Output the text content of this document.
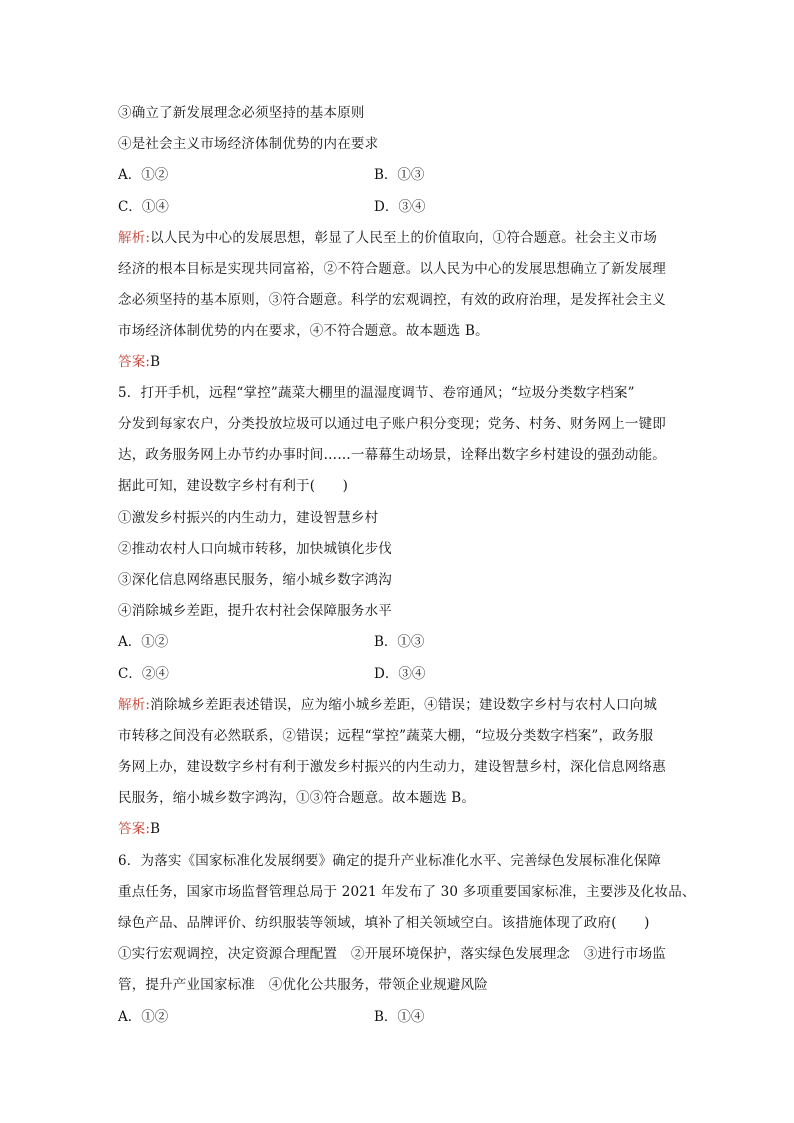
③确立了新发展理念必须坚持的基本原则
④是社会主义市场经济体制优势的内在要求
A．①②	B．①③
C．①④	D．③④
解析:以人民为中心的发展思想，彰显了人民至上的价值取向，①符合题意。社会主义市场
经济的根本目标是实现共同富裕，②不符合题意。以人民为中心的发展思想确立了新发展理
念必须坚持的基本原则，③符合题意。科学的宏观调控，有效的政府治理，是发挥社会主义
市场经济体制优势的内在要求，④不符合题意。故本题选 B。
答案:B
5．打开手机，远程“掌控”蔬菜大棚里的温湿度调节、卷帘通风；“垃圾分类数字档案”
分发到每家农户，分类投放垃圾可以通过电子账户积分变现；党务、村务、财务网上一键即
达，政务服务网上办节约办事时间……一幕幕生动场景，诠释出数字乡村建设的强劲动能。
据此可知，建设数字乡村有利于(　　)
①激发乡村振兴的内生动力，建设智慧乡村
②推动农村人口向城市转移，加快城镇化步伐
③深化信息网络惠民服务，缩小城乡数字鸿沟
④消除城乡差距，提升农村社会保障服务水平
A．①②	B．①③
C．②④	D．③④
解析:消除城乡差距表述错误，应为缩小城乡差距，④错误；建设数字乡村与农村人口向城
市转移之间没有必然联系，②错误；远程“掌控”蔬菜大棚，“垃圾分类数字档案”，政务服
务网上办，建设数字乡村有利于激发乡村振兴的内生动力，建设智慧乡村，深化信息网络惠
民服务，缩小城乡数字鸿沟，①③符合题意。故本题选 B。
答案:B
6．为落实《国家标准化发展纲要》确定的提升产业标准化水平、完善绿色发展标准化保障
重点任务，国家市场监督管理总局于 2021 年发布了 30 多项重要国家标准，主要涉及化妆品、
绿色产品、品牌评价、纺织服装等领域，填补了相关领域空白。该措施体现了政府(　　)
①实行宏观调控，决定资源合理配置　②开展环境保护，落实绿色发展理念　③进行市场监
管，提升产业国家标准　④优化公共服务，带领企业规避风险
A．①②	B．①④
